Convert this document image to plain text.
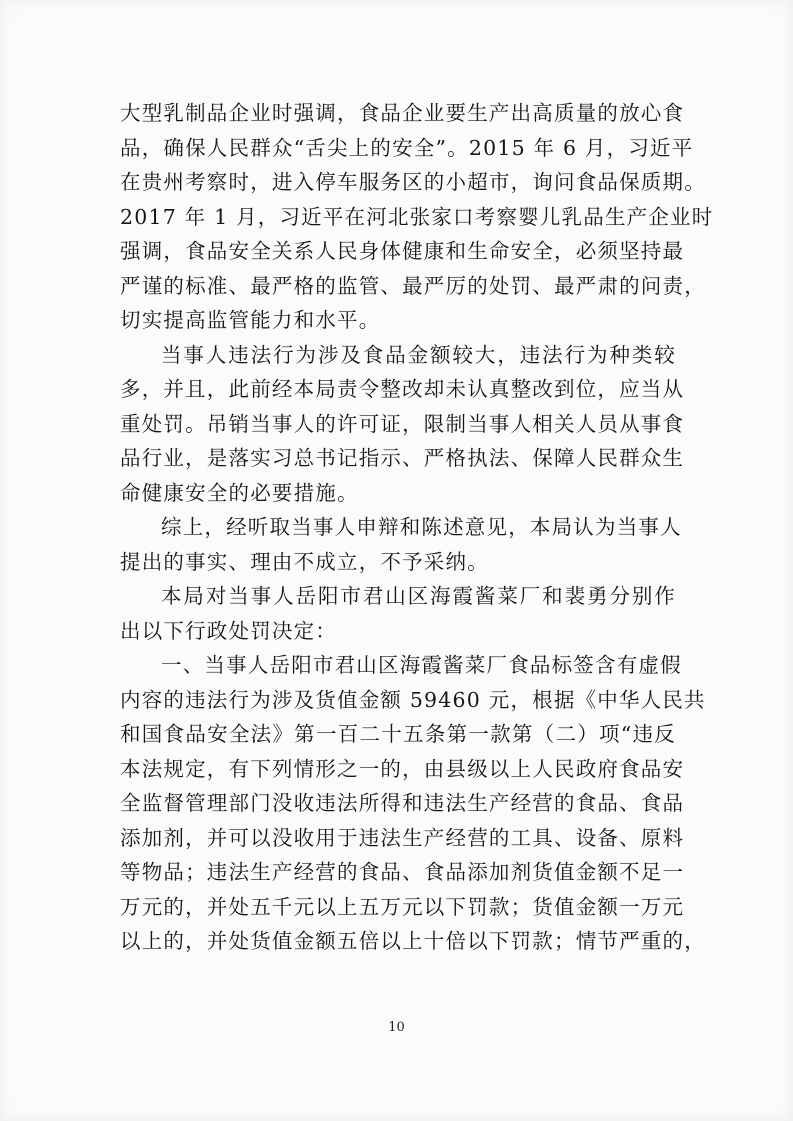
大型乳制品企业时强调，食品企业要生产出高质量的放心食
品，确保人民群众“舌尖上的安全”。2015 年 6 月，习近平
在贵州考察时，进入停车服务区的小超市，询问食品保质期。
2017 年 1 月，习近平在河北张家口考察婴儿乳品生产企业时
强调，食品安全关系人民身体健康和生命安全，必须坚持最
严谨的标准、最严格的监管、最严厉的处罚、最严肃的问责，
切实提高监管能力和水平。
当事人违法行为涉及食品金额较大，违法行为种类较
多，并且，此前经本局责令整改却未认真整改到位，应当从
重处罚。吊销当事人的许可证，限制当事人相关人员从事食
品行业，是落实习总书记指示、严格执法、保障人民群众生
命健康安全的必要措施。
综上，经听取当事人申辩和陈述意见，本局认为当事人
提出的事实、理由不成立，不予采纳。
本局对当事人岳阳市君山区海霞酱菜厂和裴勇分别作
出以下行政处罚决定：
一、当事人岳阳市君山区海霞酱菜厂食品标签含有虚假
内容的违法行为涉及货值金额 59460 元，根据《中华人民共
和国食品安全法》第一百二十五条第一款第（二）项“违反
本法规定，有下列情形之一的，由县级以上人民政府食品安
全监督管理部门没收违法所得和违法生产经营的食品、食品
添加剂，并可以没收用于违法生产经营的工具、设备、原料
等物品；违法生产经营的食品、食品添加剂货值金额不足一
万元的，并处五千元以上五万元以下罚款；货值金额一万元
以上的，并处货值金额五倍以上十倍以下罚款；情节严重的，
10
